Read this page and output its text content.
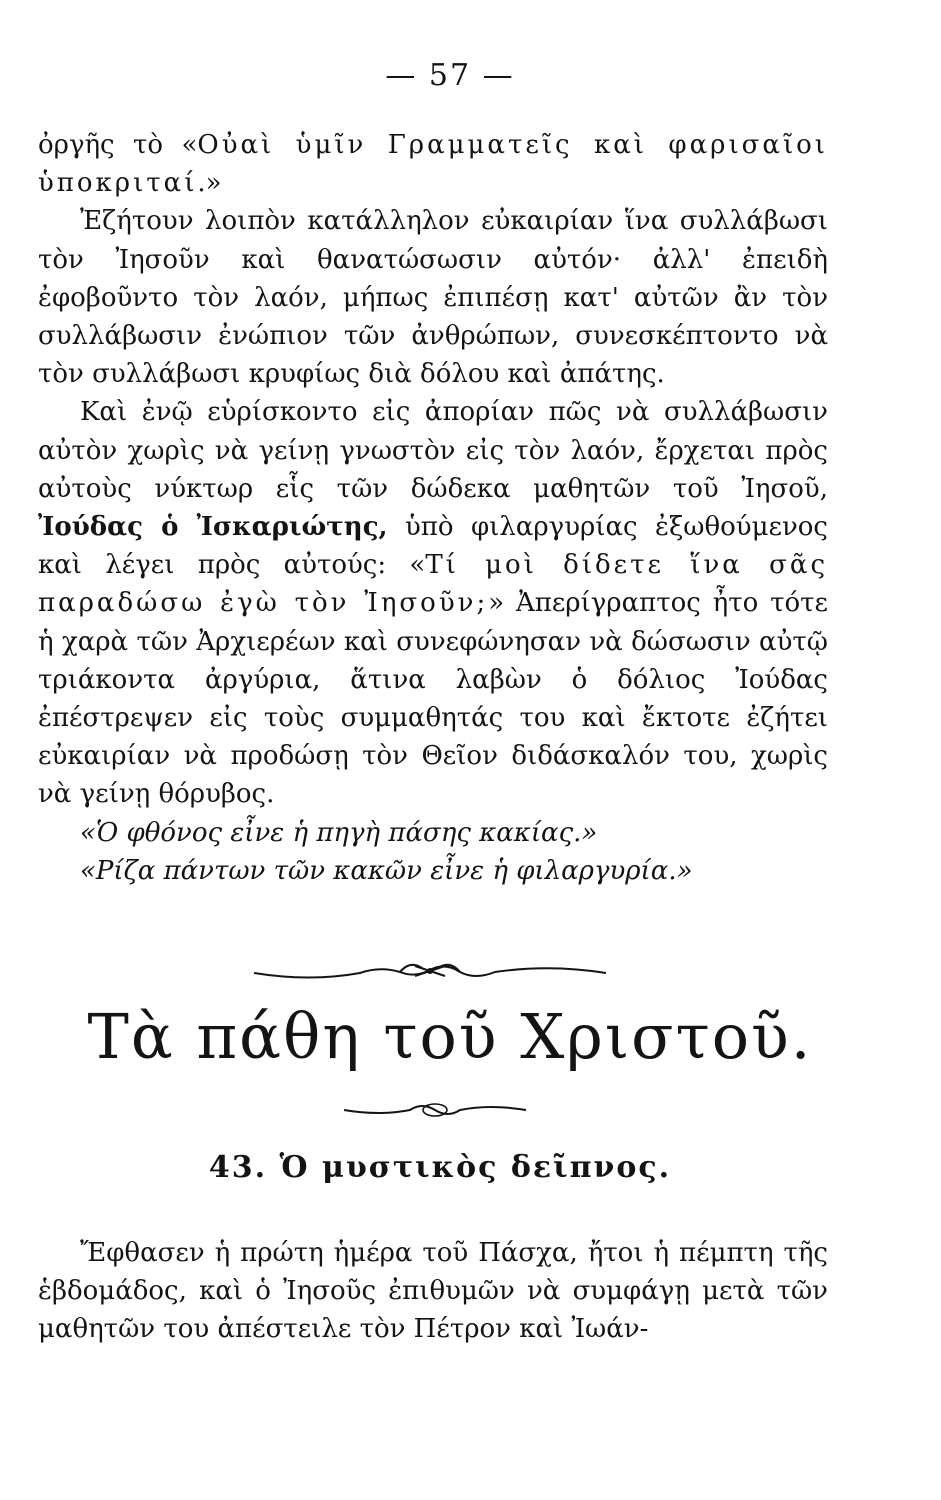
— 57 —

ὀργῆς τὸ «Οὐαὶ ὑμῖν Γραμματεῖς καὶ φαρισαῖοι ὑποκριταί.»

Ἐζήτουν λοιπὸν κατάλληλον εὐκαιρίαν ἵνα συλλάβωσι τὸν Ἰησοῦν καὶ θανατώσωσιν αὐτόν· ἀλλ' ἐπειδὴ ἐφοβοῦντο τὸν λαόν, μήπως ἐπιπέσῃ κατ' αὐτῶν ἂν τὸν συλλάβωσιν ἐνώπιον τῶν ἀνθρώπων, συνεσκέπτοντο νὰ τὸν συλλάβωσι κρυφίως διὰ δόλου καὶ ἀπάτης.

Καὶ ἐνῷ εὑρίσκοντο εἰς ἀπορίαν πῶς νὰ συλλάβωσιν αὐτὸν χωρὶς νὰ γείνῃ γνωστὸν εἰς τὸν λαόν, ἔρχεται πρὸς αὐτοὺς νύκτωρ εἷς τῶν δώδεκα μαθητῶν τοῦ Ἰησοῦ, Ἰούδας ὁ Ἰσκαριώτης, ὑπὸ φιλαργυρίας ἐξωθούμενος καὶ λέγει πρὸς αὐτούς: «Τί μοὶ δίδετε ἵνα σᾶς παραδώσω ἐγὼ τὸν Ἰησοῦν;» Ἀπερίγραπτος ἦτο τότε ἡ χαρὰ τῶν Ἀρχιερέων καὶ συνεφώνησαν νὰ δώσωσιν αὐτῷ τριάκοντα ἀργύρια, ἅτινα λαβὼν ὁ δόλιος Ἰούδας ἐπέστρεψεν εἰς τοὺς συμμαθητάς του καὶ ἔκτοτε ἐζήτει εὐκαιρίαν νὰ προδώσῃ τὸν Θεῖον διδάσκαλόν του, χωρὶς νὰ γείνῃ θόρυβος.

«Ὁ φθόνος εἶνε ἡ πηγὴ πάσης κακίας.»

«Ρίζα πάντων τῶν κακῶν εἶνε ἡ φιλαργυρία.»

Τὰ πάθη τοῦ Χριστοῦ.
43. Ὁ μυστικὸς δεῖπνος.

Ἔφθασεν ἡ πρώτη ἡμέρα τοῦ Πάσχα, ἤτοι ἡ πέμπτη τῆς ἑβδομάδος, καὶ ὁ Ἰησοῦς ἐπιθυμῶν νὰ συμφάγῃ μετὰ τῶν μαθητῶν του ἀπέστειλε τὸν Πέτρον καὶ Ἰωάν-
